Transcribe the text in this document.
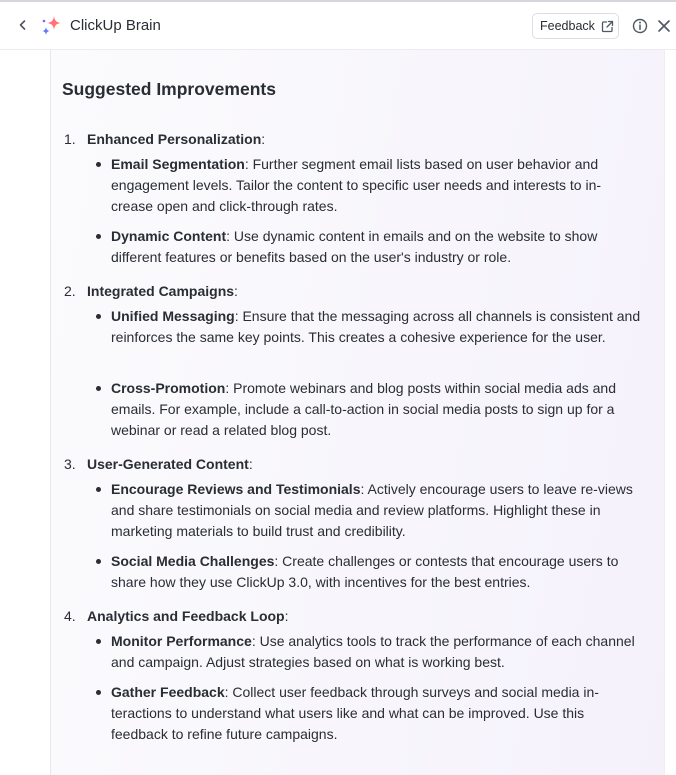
ClickUp Brain	Feedback
Suggested Improvements
1. Enhanced Personalization:
Email Segmentation: Further segment email lists based on user behavior and engagement levels. Tailor the content to specific user needs and interests to in-crease open and click-through rates.
Dynamic Content: Use dynamic content in emails and on the website to show different features or benefits based on the user's industry or role.
2. Integrated Campaigns:
Unified Messaging: Ensure that the messaging across all channels is consistent and reinforces the same key points. This creates a cohesive experience for the user.
Cross-Promotion: Promote webinars and blog posts within social media ads and emails. For example, include a call-to-action in social media posts to sign up for a webinar or read a related blog post.
3. User-Generated Content:
Encourage Reviews and Testimonials: Actively encourage users to leave re-views and share testimonials on social media and review platforms. Highlight these in marketing materials to build trust and credibility.
Social Media Challenges: Create challenges or contests that encourage users to share how they use ClickUp 3.0, with incentives for the best entries.
4. Analytics and Feedback Loop:
Monitor Performance: Use analytics tools to track the performance of each channel and campaign. Adjust strategies based on what is working best.
Gather Feedback: Collect user feedback through surveys and social media in-teractions to understand what users like and what can be improved. Use this feedback to refine future campaigns.
